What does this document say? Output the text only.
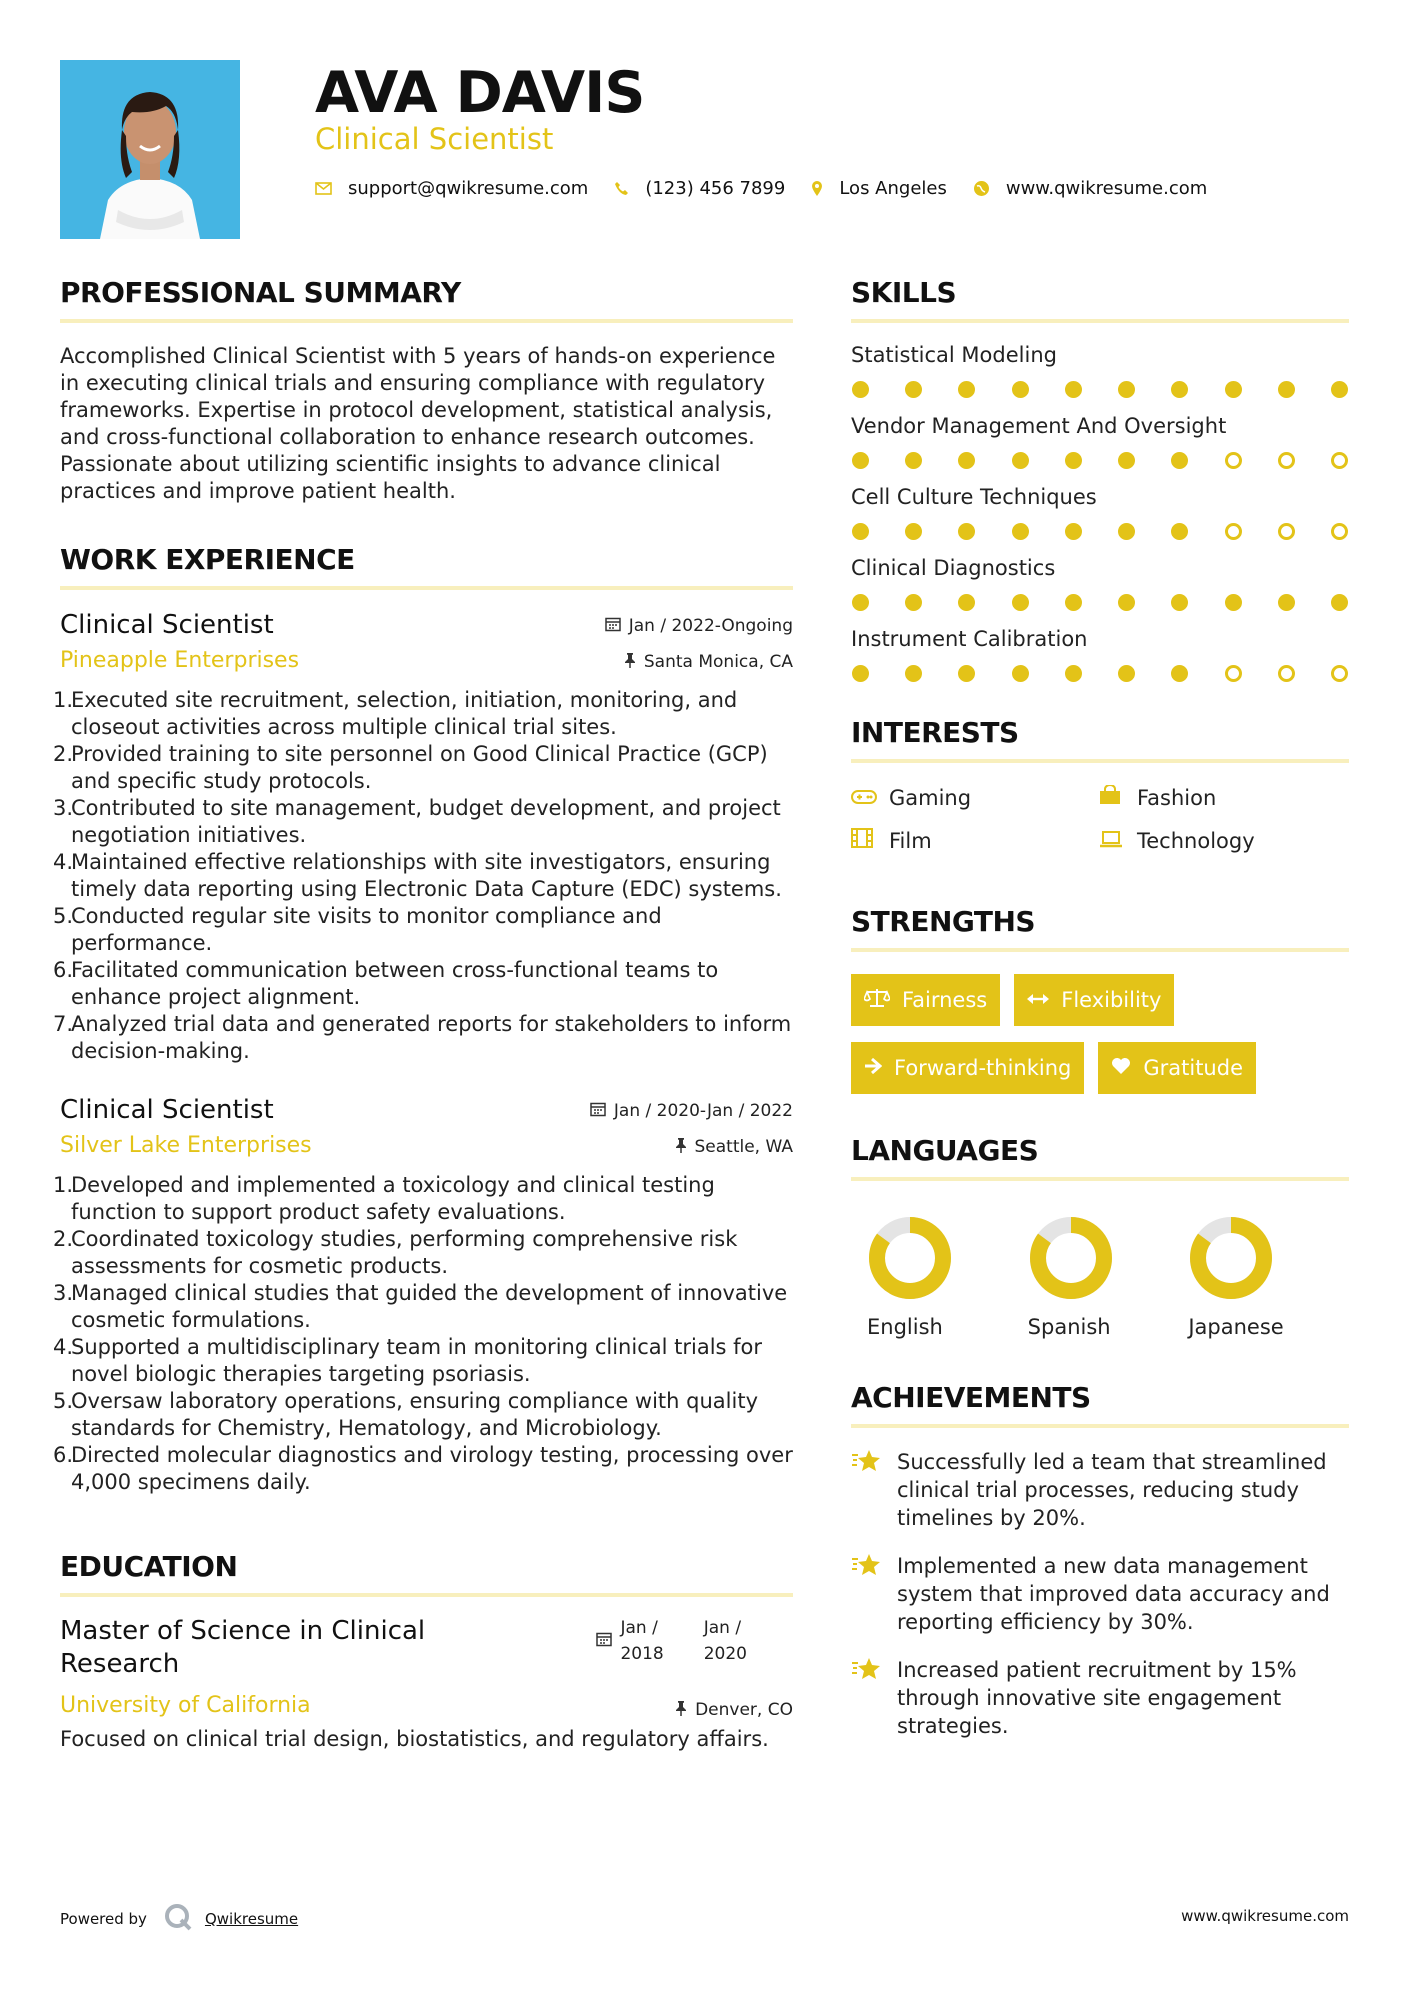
AVA DAVIS
Clinical Scientist
support@qwikresume.com	(123) 456 7899	Los Angeles	www.qwikresume.com
PROFESSIONAL SUMMARY

Accomplished Clinical Scientist with 5 years of hands-on experience in executing clinical trials and ensuring compliance with regulatory frameworks. Expertise in protocol development, statistical analysis, and cross-functional collaboration to enhance research outcomes. Passionate about utilizing scientific insights to advance clinical practices and improve patient health.

WORK EXPERIENCE
Clinical Scientist	Jan / 2022-Ongoing
Pineapple Enterprises	Santa Monica, CA
1.
Executed site recruitment, selection, initiation, monitoring, and closeout activities across multiple clinical trial sites.
2.
Provided training to site personnel on Good Clinical Practice (GCP) and specific study protocols.
3.
Contributed to site management, budget development, and project negotiation initiatives.
4.
Maintained effective relationships with site investigators, ensuring timely data reporting using Electronic Data Capture (EDC) systems.
5.
Conducted regular site visits to monitor compliance and performance.
6.
Facilitated communication between cross-functional teams to enhance project alignment.
7.
Analyzed trial data and generated reports for stakeholders to inform decision-making.
Clinical Scientist	Jan / 2020-Jan / 2022
Silver Lake Enterprises	Seattle, WA
1.
Developed and implemented a toxicology and clinical testing function to support product safety evaluations.
2.
Coordinated toxicology studies, performing comprehensive risk assessments for cosmetic products.
3.
Managed clinical studies that guided the development of innovative cosmetic formulations.
4.
Supported a multidisciplinary team in monitoring clinical trials for novel biologic therapies targeting psoriasis.
5.
Oversaw laboratory operations, ensuring compliance with quality standards for Chemistry, Hematology, and Microbiology.
6.
Directed molecular diagnostics and virology testing, processing over 4,000 specimens daily.
EDUCATION
Master of Science in Clinical Research
Jan /
2018
Jan /
2020
University of California	Denver, CO

Focused on clinical trial design, biostatistics, and regulatory affairs.

SKILLS
Statistical Modeling
Vendor Management And Oversight
Cell Culture Techniques
Clinical Diagnostics
Instrument Calibration
INTERESTS
Gaming	Fashion
Film	Technology
STRENGTHS
Fairness	Flexibility
Forward-thinking	Gratitude
LANGUAGES
English	Spanish	Japanese
ACHIEVEMENTS
Successfully led a team that streamlined clinical trial processes, reducing study timelines by 20%.
Implemented a new data management system that improved data accuracy and reporting efficiency by 30%.
Increased patient recruitment by 15% through innovative site engagement strategies.
Powered by	Qwikresume	www.qwikresume.com
